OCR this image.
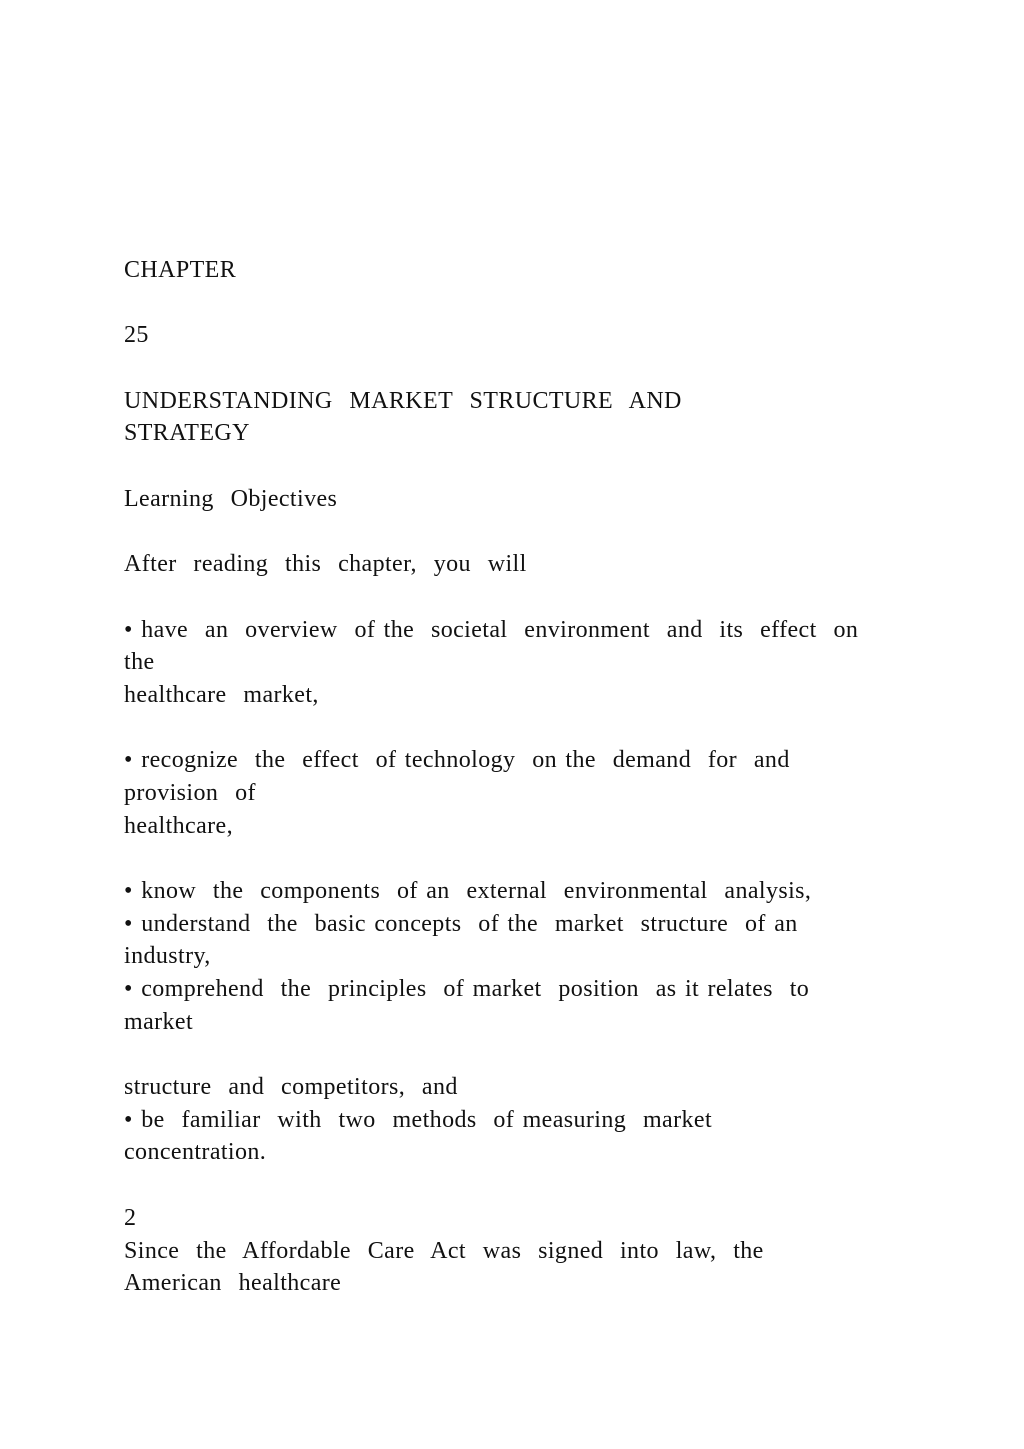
CHAPTER
25
UNDERSTANDING  MARKET  STRUCTURE  AND
STRATEGY
Learning  Objectives
After  reading  this  chapter,  you  will
• have  an  overview  of the  societal  environment  and  its  effect  on
the
healthcare  market,
• recognize  the  effect  of technology  on the  demand  for  and
provision  of
healthcare,
• know  the  components  of an  external  environmental  analysis,
• understand  the  basic concepts  of the  market  structure  of an
industry,
• comprehend  the  principles  of market  position  as it relates  to
market
structure  and  competitors,  and
• be  familiar  with  two  methods  of measuring  market
concentration.
2
Since  the  Affordable  Care  Act  was  signed  into  law,  the
American  healthcare
